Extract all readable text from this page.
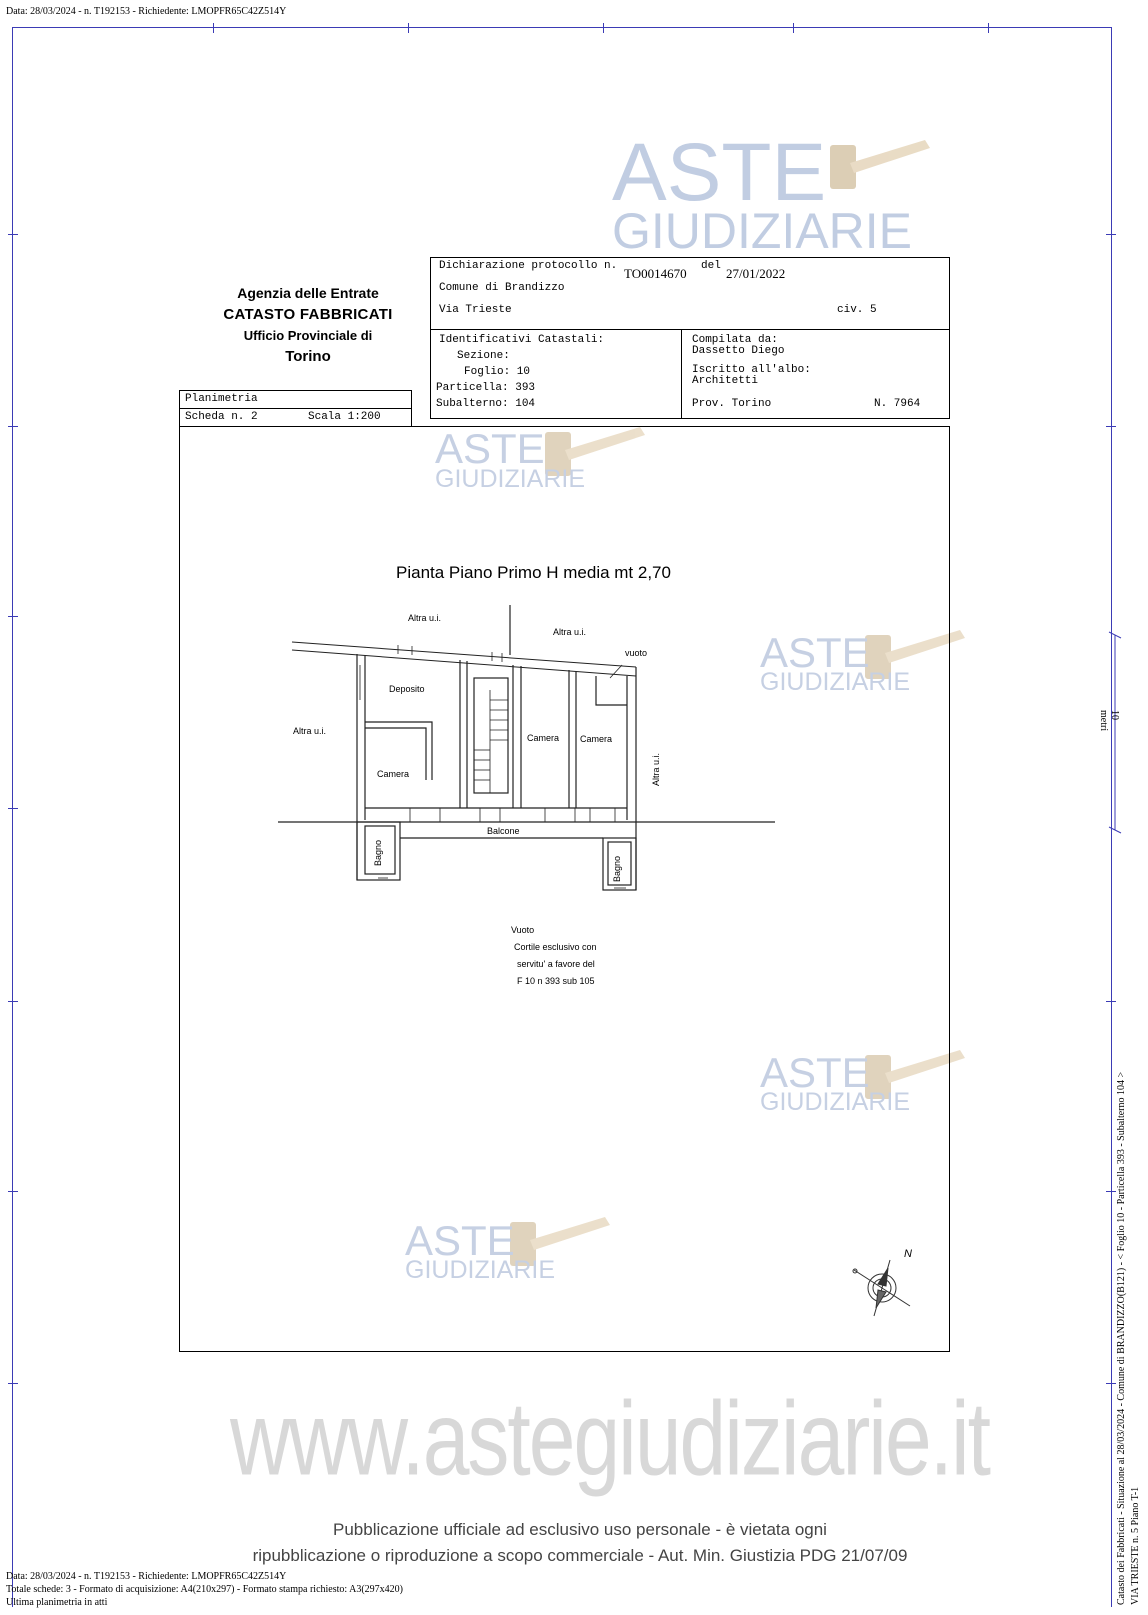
Data: 28/03/2024 - n. T192153 - Richiedente: LMOPFR65C42Z514Y
ASTE
GIUDIZIARIE
ASTE
GIUDIZIARIE
ASTE
GIUDIZIARIE
ASTE
GIUDIZIARIE
ASTE
GIUDIZIARIE
Agenzia delle Entrate
CATASTO FABBRICATI
Ufficio Provinciale di
Torino
Dichiarazione protocollo n. TO0014670 del 27/01/2022
Comune di Brandizzo
Via Trieste	civ. 5
Identificativi Catastali:
Sezione:
Foglio: 10
Particella: 393
Subalterno: 104
Compilata da:
Dassetto Diego
Iscritto all'albo:
Architetti
Prov. Torino	N. 7964
Planimetria
Scheda n. 2	Scala 1:200
Pianta Piano Primo H media mt 2,70
N
Altra u.i.
Altra u.i.
vuoto
Deposito
Altra u.i.
Camera Camera
Camera	Altra u.i.
Balcone
Bagno
Bagno
Vuoto
Cortile esclusivo con
servitu' a favore del
F 10 n 393 sub 105
10 metri
Catasto dei Fabbricati - Situazione al 28/03/2024 - Comune di BRANDIZZO(B121) - < Foglio 10 - Particella 393 - Subalterno 104 > VIA TRIESTE n. 5 Piano T-1
www.astegiudiziarie.it
Pubblicazione ufficiale ad esclusivo uso personale - è vietata ogni
ripubblicazione o riproduzione a scopo commerciale - Aut. Min. Giustizia PDG 21/07/09
Data: 28/03/2024 - n. T192153 - Richiedente: LMOPFR65C42Z514Y
Totale schede: 3 - Formato di acquisizione: A4(210x297) - Formato stampa richiesto: A3(297x420)
Ultima planimetria in atti
